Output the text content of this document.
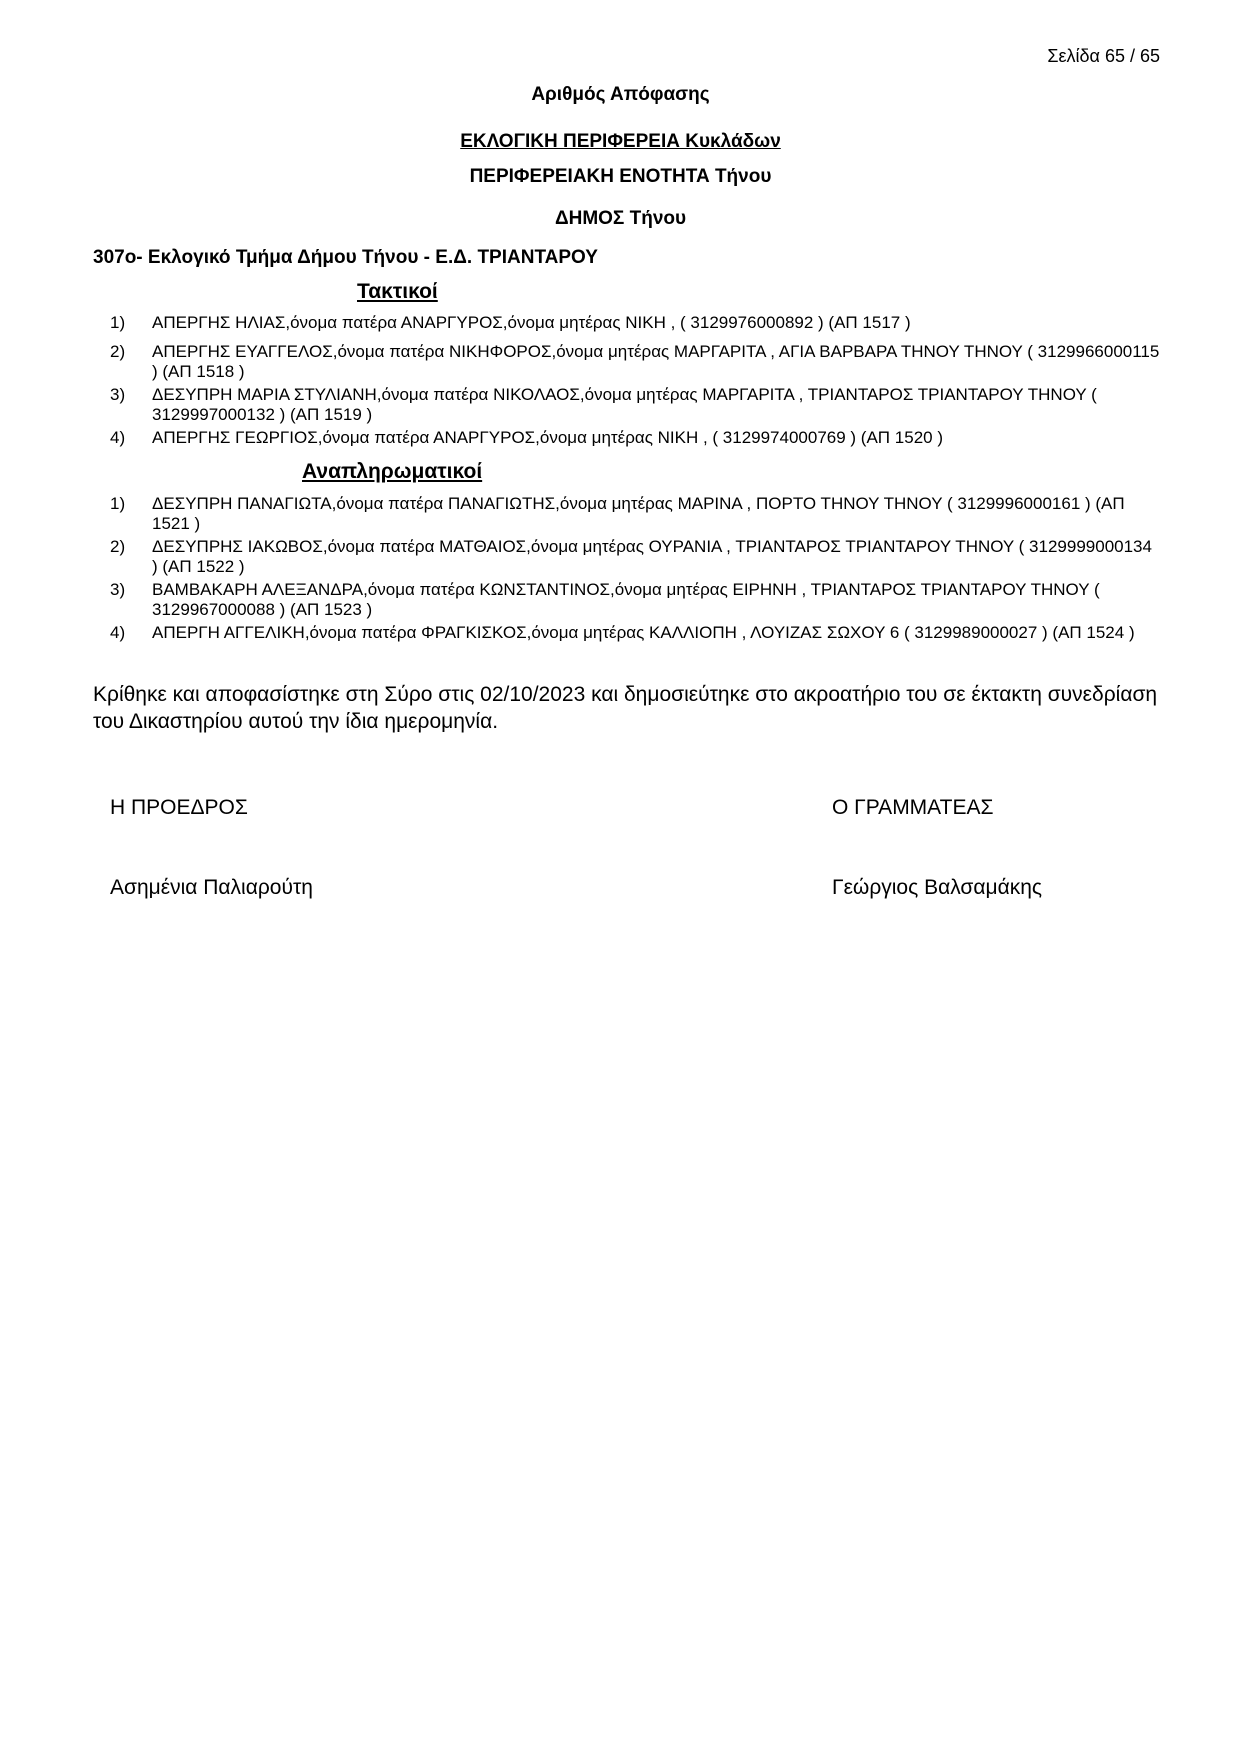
Σελίδα 65 / 65

Αριθμός Απόφασης

ΕΚΛΟΓΙΚΗ ΠΕΡΙΦΕΡΕΙΑ Κυκλάδων

ΠΕΡΙΦΕΡΕΙΑΚΗ ΕΝΟΤΗΤΑ Τήνου

ΔΗΜΟΣ Τήνου

307ο- Εκλογικό Τμήμα Δήμου Τήνου - Ε.Δ. ΤΡΙΑΝΤΑΡΟΥ

Τακτικοί

1)	ΑΠΕΡΓΗΣ ΗΛΙΑΣ,όνομα πατέρα ΑΝΑΡΓΥΡΟΣ,όνομα μητέρας ΝΙΚΗ , ( 3129976000892 ) (ΑΠ 1517 )
2)	ΑΠΕΡΓΗΣ ΕΥΑΓΓΕΛΟΣ,όνομα πατέρα ΝΙΚΗΦΟΡΟΣ,όνομα μητέρας ΜΑΡΓΑΡΙΤΑ , ΑΓΙΑ ΒΑΡΒΑΡΑ ΤΗΝΟΥ ΤΗΝΟΥ ( 3129966000115 ) (ΑΠ 1518 )
3)	ΔΕΣΥΠΡΗ ΜΑΡΙΑ ΣΤΥΛΙΑΝΗ,όνομα πατέρα ΝΙΚΟΛΑΟΣ,όνομα μητέρας ΜΑΡΓΑΡΙΤΑ , ΤΡΙΑΝΤΑΡΟΣ ΤΡΙΑΝΤΑΡΟΥ ΤΗΝΟΥ ( 3129997000132 ) (ΑΠ 1519 )
4)	ΑΠΕΡΓΗΣ ΓΕΩΡΓΙΟΣ,όνομα πατέρα ΑΝΑΡΓΥΡΟΣ,όνομα μητέρας ΝΙΚΗ , ( 3129974000769 ) (ΑΠ 1520 )

Αναπληρωματικοί

1)	ΔΕΣΥΠΡΗ ΠΑΝΑΓΙΩΤΑ,όνομα πατέρα ΠΑΝΑΓΙΩΤΗΣ,όνομα μητέρας ΜΑΡΙΝΑ , ΠΟΡΤΟ ΤΗΝΟΥ ΤΗΝΟΥ ( 3129996000161 ) (ΑΠ 1521 )
2)	ΔΕΣΥΠΡΗΣ ΙΑΚΩΒΟΣ,όνομα πατέρα ΜΑΤΘΑΙΟΣ,όνομα μητέρας ΟΥΡΑΝΙΑ , ΤΡΙΑΝΤΑΡΟΣ ΤΡΙΑΝΤΑΡΟΥ ΤΗΝΟΥ ( 3129999000134 ) (ΑΠ 1522 )
3)	ΒΑΜΒΑΚΑΡΗ ΑΛΕΞΑΝΔΡΑ,όνομα πατέρα ΚΩΝΣΤΑΝΤΙΝΟΣ,όνομα μητέρας ΕΙΡΗΝΗ , ΤΡΙΑΝΤΑΡΟΣ ΤΡΙΑΝΤΑΡΟΥ ΤΗΝΟΥ ( 3129967000088 ) (ΑΠ 1523 )
4)	ΑΠΕΡΓΗ ΑΓΓΕΛΙΚΗ,όνομα πατέρα ΦΡΑΓΚΙΣΚΟΣ,όνομα μητέρας ΚΑΛΛΙΟΠΗ , ΛΟΥΙΖΑΣ ΣΩΧΟΥ 6 ( 3129989000027 ) (ΑΠ 1524 )

Κρίθηκε και αποφασίστηκε στη Σύρο στις 02/10/2023 και δημοσιεύτηκε στο ακροατήριο του σε έκτακτη συνεδρίαση του Δικαστηρίου αυτού την ίδια ημερομηνία.

Η ΠΡΟΕΔΡΟΣ	Ο ΓΡΑΜΜΑΤΕΑΣ

Ασημένια Παλιαρούτη	Γεώργιος Βαλσαμάκης
